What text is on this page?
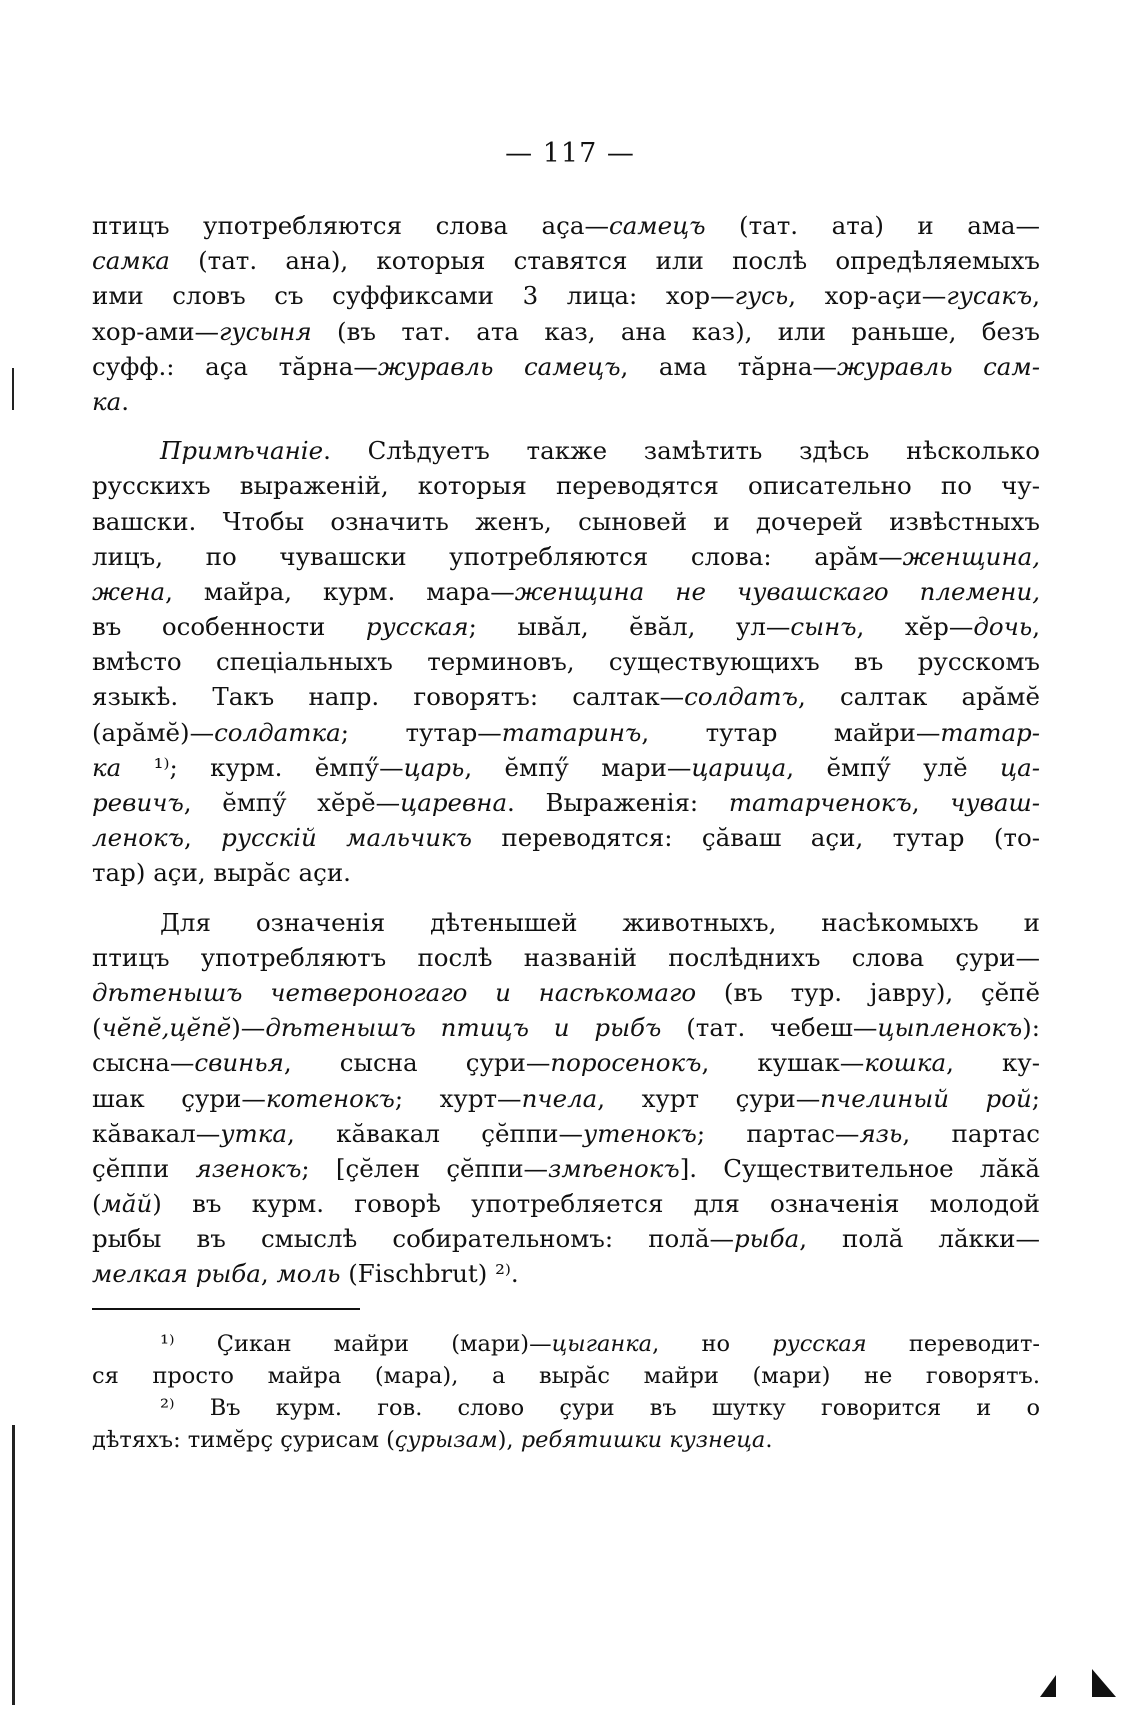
— 117 —
птицъ употребляются слова аҫа—самецъ (тат. ата) и ама—
самка (тат. ана), которыя ставятся или послѣ опредѣляемыхъ
ими словъ съ суффиксами 3 лица: хор—гусь, хор-аҫи—гусакъ,
хор-ами—гусыня (въ тат. ата каз, ана каз), или раньше, безъ
суфф.: аҫа тӑрна—журавль самецъ, ама тӑрна—журавль сам-
ка.
Примѣчаніе. Слѣдуетъ также замѣтить здѣсь нѣсколько
русскихъ выраженій, которыя переводятся описательно по чу-
вашски. Чтобы означить женъ, сыновей и дочерей извѣстныхъ
лицъ, по чувашски употребляются слова: арӑм—женщина,
жена, майра, курм. мара—женщина не чувашскаго племени,
въ особенности русская; ывӑл, ӗвӑл, ул—сынъ, хӗр—дочь,
вмѣсто спеціальныхъ терминовъ, существующихъ въ русскомъ
языкѣ. Такъ напр. говорятъ: салтак—солдатъ, салтак арӑмӗ
(арӑмӗ)—солдатка; тутар—татаринъ, тутар майри—татар-
ка ¹⁾; курм. ӗмпӳ—царь, ӗмпӳ мари—царица, ӗмпӳ улӗ ца-
ревичъ, ӗмпӳ хӗрӗ—царевна. Выраженія: татарченокъ, чуваш-
ленокъ, русскій мальчикъ переводятся: ҫӑваш аҫи, тутар (то-
тар) аҫи, вырӑс аҫи.
Для означенія дѣтенышей животныхъ, насѣкомыхъ и
птицъ употребляютъ послѣ названій послѣднихъ слова ҫури—
дѣтенышъ четвероногаго и насѣкомаго (въ тур. јавру), ҫӗпӗ
(чӗпӗ,цӗпӗ)—дѣтенышъ птицъ и рыбъ (тат. чебеш—цыпленокъ):
сысна—свинья, сысна ҫури—поросенокъ, кушак—кошка, ку-
шак ҫури—котенокъ; хурт—пчела, хурт ҫури—пчелиный рой;
кӑвакал—утка, кӑвакал ҫӗппи—утенокъ; партас—язь, партас
ҫӗппи язенокъ; [ҫӗлен ҫӗппи—змѣенокъ]. Существительное лӑкӑ
(мӑй) въ курм. говорѣ употребляется для означенія молодой
рыбы въ смыслѣ собирательномъ: полӑ—рыба, полӑ лӑкки—
мелкая рыба, моль (Fischbrut) ²⁾.
¹⁾ Ҫикан майри (мари)—цыганка, но русская переводит-
ся просто майра (мара), а вырӑс майри (мари) не говорятъ.
²⁾ Въ курм. гов. слово ҫури въ шутку говорится и о
дѣтяхъ: тимӗрҫ ҫурисам (ҫурызам), ребятишки кузнеца.
